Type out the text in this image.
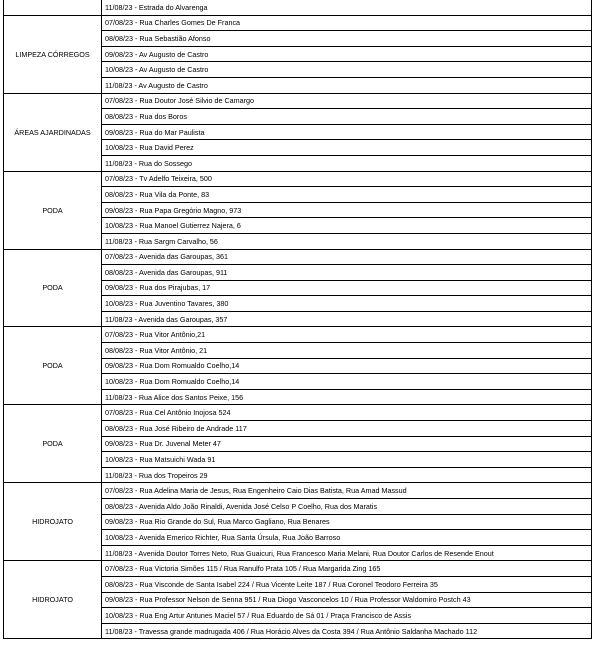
	11/08/23 - Estrada do Alvarenga
LIMPEZA CÓRREGOS	07/08/23 - Rua Charles Gomes De Franca
	08/08/23 - Rua Sebastião Afonso
	09/08/23 - Av Augusto de Castro
	10/08/23 - Av Augusto de Castro
	11/08/23 - Av Augusto de Castro
ÁREAS AJARDINADAS	07/08/23 - Rua Doutor José Silvio de Camargo
	08/08/23 - Rua dos Boros
	09/08/23 - Rua do Mar Paulista
	10/08/23 - Rua David Perez
	11/08/23 - Rua do Sossego
PODA	07/08/23 - Tv Adelfo Teixeira, 500
	08/08/23 - Rua Vila da Ponte, 83
	09/08/23 - Rua Papa Gregório Magno, 973
	10/08/23 - Rua Manoel Gutierrez Najera, 6
	11/08/23 - Rua Sargm Carvalho, 56
PODA	07/08/23 - Avenida das Garoupas, 361
	08/08/23 - Avenida das Garoupas, 911
	09/08/23 - Rua dos Pirajubas, 17
	10/08/23 - Rua Juventino Tavares, 380
	11/08/23 - Avenida das Garoupas, 357
PODA	07/08/23 - Rua Vitor Antônio,21
	08/08/23 - Rua Vitor Antônio, 21
	09/08/23 - Rua Dom Romualdo Coelho,14
	10/08/23 - Rua Dom Romualdo Coelho,14
	11/08/23 - Rua Alice dos Santos Peixe, 156
PODA	07/08/23 - Rua Cel Antônio Inojosa 524
	08/08/23 - Rua José Ribeiro de Andrade 117
	09/08/23 - Rua Dr. Juvenal Meter 47
	10/08/23 - Rua Matsuichi Wada 91
	11/08/23 - Rua dos Tropeiros 29
HIDROJATO	07/08/23 - Rua Adelina Maria de Jesus, Rua Engenheiro Caio Dias Batista, Rua Amad Massud
	08/08/23 - Avenida Aldo João Rinaldi, Avenida José Celso P Coelho, Rua dos Maratis
	09/08/23 - Rua Rio Grande do Sul, Rua Marco Gagliano, Rua Benares
	10/08/23 - Avenida Emerico Richter, Rua Santa Úrsula, Rua João Barroso
	11/08/23 - Avenida Doutor Torres Neto, Rua Guaicuri, Rua Francesco Maria Melani, Rua Doutor Carlos de Resende Enout
HIDROJATO	07/08/23 - Rua Victoria Simões 115 / Rua Ranulfo Prata 105 / Rua Margarida Zing 165
	08/08/23 - Rua Visconde de Santa Isabel 224 / Rua Vicente Leite 187 / Rua Coronel Teodoro Ferreira 35
	09/08/23 - Rua Professor Nelson de Senna 951 / Rua Diogo Vasconcelos 10 / Rua Professor Waldomiro Postch 43
	10/08/23 - Rua Eng Artur Antunes Maciel 57 / Rua Eduardo de Sá 01 / Praça Francisco de Assis
	11/08/23 - Travessa grande madrugada 406 / Rua Horácio Alves da Costa 394 / Rua Antônio Saldanha Machado 112
